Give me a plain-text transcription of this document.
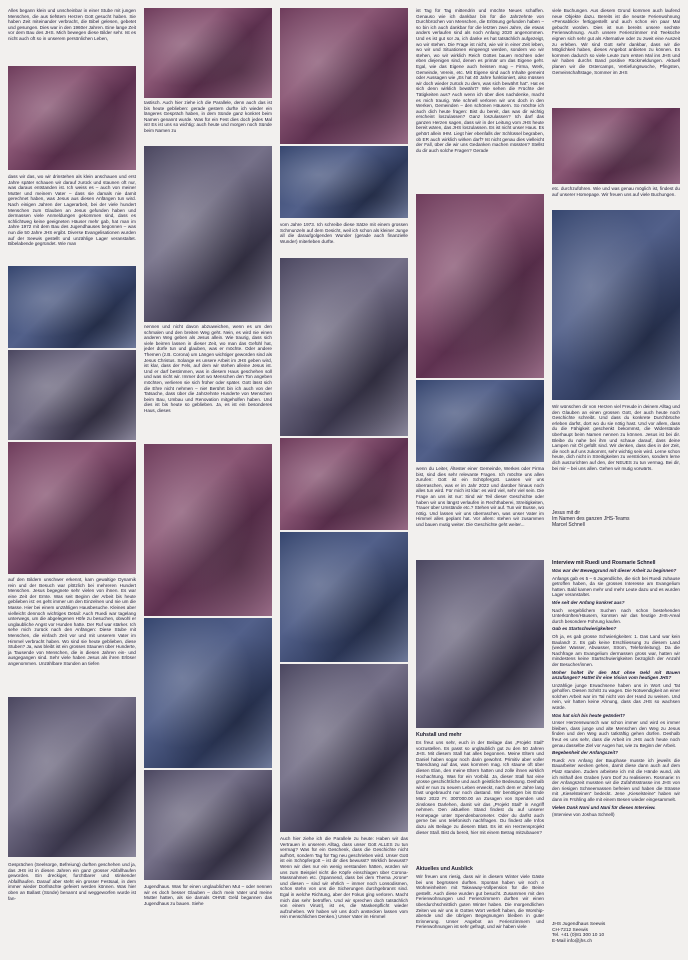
Alles begann klein und unscheinbar in einer Stube mit jungen Menschen, die aus tiefstem Herzen Gott gesucht haben. Sie haben Zeit miteinander verbracht, die Bibel gelesen, gebetet und gesungen. Dies war in den 1960er Jahren. Eine lange Zeit vor dem Bau des JHS. Mich bewegen diese Bilder sehr. Ist es nicht auch oft so in unserem persönlichen Leben,

dass wir das, wo wir drinstehen als klein anschauen und erst Jahre später schauen wir darauf zurück und staunen oft nur, was daraus entstanden ist. Ich weiss es – auch von meiner Mutter und meinem Vater – dass sie damals nie damit gerechnet haben, was Jesus aus diesen Anfängen tun wird. Nach einigen Jahren der Lagerarbeit, bei der viele hundert Menschen zum Glauben an Jesus gefunden haben und dermassen viele Anmeldungen gekommen sind, dass es schlichtweg keine geeigneten Häuser mehr gab, hat man im Jahre 1972 mit dem Bau des Jugendhauses begonnen – was nun die 50 Jahre JHS ergibt. Diverse Evangelisationen wurden auf der Seewis gestellt und unzählige Lager veranstaltet. Bibelabende gegründet. Wie man

auf den Bildern unschwer erkennt, kam gewaltige Dynamik rein und der Besuch war plötzlich bei mehreren Hundert Menschen. Jesus begegnete sehr vielen von ihnen. Es war eine Zeit der Ernte. Was seit Beginn der Arbeit bis heute geblieben ist: es geht immer um den Einzelnen und nie um die Masse. Hier bei einem unzähligen Hausbesuche. Kleines aber vielleicht dennoch wichtiges Detail: Auch Ruedi war tagelang unterwegs, um die abgelegenen Höfe zu besuchen, obwohl er unglaubliche Angst vor Hunden hatte. Der Ruf war stärker. Ich sehe mich zurück nach den Anfängen: Diese Stube mit Menschen, die einfach Zeit vor und mit unserem Vater im Himmel verbracht haben. Wo sind sie heute geblieben, diese Stuben? Ja, was bleibt ist ein grosses Staunen über Hunderte, ja Tausende von Menschen, die in diesen Jahren ein- und ausgegangen sind. Sehr viele haben Jesus als ihren Erlöser angenommen. Unzählbare Stunden an tiefen

Gesprächen (Seelsorge, Befreiung) durften geschehen und ja, das JHS ist in diesen Jahren ein ganz grosser Abfallhaufen geworden. Ein dreckiger, furchtbarer und stinkender Abfallhaufen. Darauf aber steht ein grosser Festsaal, in dem immer wieder Dorfnächte gefeiert werden können. Was hier oben an Ballast (Sünde) benannt und weggeworfen wurde ist fan-

tastisch. Auch hier ziehe ich die Parallele, denn auch das ist bis heute geblieben: gerade gestern durfte ich wieder ein längeres Gespräch haben, in dem Sünde ganz konkret beim Namen genannt wurde. Was für ein Fest dies doch jedes Mal ist! Es ist uns so wichtig: auch heute und morgen noch Sünde beim Namen zu

nennen und nicht davon abzuweichen, wenn es um den schmalen und den breiten Weg geht. Nein, es wird nie einen anderen Weg geben als Jesus allein. Wie traurig, dass sich viele beirren lassen in dieser Zeit, wo man das Gefühl hat, jeder dürfe tun und glauben, was er möchte. Oder andere Themen (z.B. Corona) um Längen wichtiger geworden sind als Jesus Christus. Solange es unsere Arbeit im JHS geben wird, ist klar, dass der Fels, auf dem wir stehen alleine Jesus ist. Und er darf bestimmen, was in diesem Haus geschehen soll und was nicht wir. Immer dort wo Menschen den Ton angeben möchten, verlieren sie sich früher oder später. Gott lässt sich die Ehre nicht nehmen – nie! Berührt bin ich auch von der Tatsache, dass über die Jahrzehnte Hunderte von Menschen beim Bau, Umbau und Renovation mitgeholfen haben. Und dies ist bis heute so geblieben. Ja, es ist ein besonderes Haus, dieses

Jugendhaus. Was für einen unglaublichen Mut – oder nennen wir es doch besser Glauben – doch mein Vater und meine Mutter hatten, als sie damals OHNE Geld begannen das Jugendhaus zu bauen. Siehe

vom Jahre 1973. Ich schreibe diese Sätze mit einem grossen Schmunzeln auf dem Gesicht, weil ich schon als kleiner Junge all die daraufgolgenden Wunder (gerade auch finanzielle Wunder) miterleben durfte.

Auch hier ziehe ich die Parallele zu heute: Haben wir das Vertrauen in unserem Alltag, dass unser Gott ALLES zu tun vermag? Was für ein Geschenk, dass die Geschichte nicht aufhört, sondern Tag für Tag neu geschrieben wird. Unser Gott ist ein Schöpfergott – ist dir dies bewusst? Wirklich bewusst? Wenn wir dies nur ein wenig verstanden hätten, würden wir uns zum Beispiel nicht die Köpfe einschlagen über Corona-Massnahmen etc. (Spannend, dass bei dem Thema „Krone“ und diesen – sind wir ehrlich – immer noch Lonsodismen, schon stehn von uns die Sicherungen durchgebrannt sind. Egal in welche Richtung, aber der Fokus ging verloren. Macht mich das sehr betroffen. Und wir sprechen doch tatsächlich von einem Virus!), ist es, die Maskenpflicht wieder aufzuheben. Wir haben wir uns doch anstecken lassen vom rein menschlichen Denken.) Unser Vater im Himmel

ist Tag für Tag mittendrin und möchte Neues schaffen. Genauso wie ich dankbar bin für die Jahrzehnte von Durchbrüchen von Menschen, die Erlösung gefunden haben – so bin ich auch dankbar für die letzten zwei Jahre, die etwas anders verlaufen sind als noch Anfang 2020 angenommen. Und es ist gut so! Ja, ich danke es hat tatsächlich aufgezeigt, wo wir stehen. Die Frage ist nicht, wie wir in einer Zeit leben, wo wir und Situationen eingeengt werden, sondern wo wir stehen, wo wir wirklich Reich Gottes bauen möchten oder eben diejenigen sind, denen es primär um das Eigene geht. Egal, wie das Eigene auch heissen mag – Firma, Werk, Gemeinde, Verein, etc. Mit Eigene sind auch Inhalte gemeint oder Aussagen wie „Es hat 40 Jahre funktioniert, also müssen wir doch wieder zurück zu dem, was sich bewährt hat“. Hat es sich denn wirklich bewährt? Wie sehen die Früchte der Tätigkeiten aus? Auch wenn ich über dies nachdenke, macht es mich traurig. Wie schnell verloren wir uns doch in den Werken, Gemeinden – den schönen Häusern. So möchte ich auch dich heute fragen: Bist du bereit, das was dir wichtig erscheint loszulassen? Ganz loszulassen? Ich darf das ganzen Herzen sagen, dass wir in der Leitung vom JHS heute bereit wären, das JHS loszulassen. Es ist nicht unser Haus. Es gehört allein IHM. Liegt hier ebenfalls der Schlüssel begraben, ob ER auch wirklich wirken darf? Ist nicht genau dies vielleicht der Fall, über die wir uns Gedanken machen müssten? Stellst du dir auch solche Fragen? Gerade

wenn du Leiter, Ältester einer Gemeinde, Werkes oder Firma bist, sind dies sehr relevante Fragen. Ich möchte uns allen zurufen: Gott ist ein Schöpfergott. Lassen wir uns überraschen, was er im Jahr 2022 und darüber hinaus noch alles tun wird. Für mich ist klar: es wird viel, sehr viel sein. Die Frage an uns ist nur: Sind wir Teil dieser Geschichte oder haben wir uns längst verlaufen in Rechthaberei, Streitigkeiten, Trauer über Umstände etc.? Stehen wir auf. Tun wir Busse, wo nötig. Und lassen wir uns überraschen, was unser Vater im Himmel alles geplant hat. Vor allem: stehen wir zusammen und bauen mutig weiter. Die Geschichte geht weiter...

Kuhstall und mehr

Es freut uns sehr, euch in der Beilage das „Projekt Stall“ vorzustellen. Es passt so ungläublich gut zu den 50 Jahren JHS. Mit diesem Stall hat alles begonnen. Meine Eltern und Daniel haben sogar noch darin gewohnt. Primitiv aber voller Tatendrang auf das, was kommen mag. Ich staune oft über diesen Elan, den meine Eltern hatten und zolle ihnen wirklich Hochachtung. Was für ein Vorbild. Ja, dieser Stall hat eine grosse geschichtliche und auch geistliche Bedeutung. Deshalb wird er nun zu neuem Leben erweckt, nach dem er Jahre lang fast ungebraucht nur noch dastand. Wir benötigen bis Ende März 2022 Fr. 300'000.00 an Zusagen von Spenden und zinslosen Darlehen, damit wir das „Projekt Stall“ in Angriff nehmen. Den aktuellen Stand findest du auf unserer Homepage unter Spendenbarometer. Oder du darfst auch gerne bei uns telefonisch nachfragen. Du findest alle Infos dazu als Beilage zu diesem Blatt. Es ist ein Herzensprojekt dieser Stall. Bist du bereit, hier mit einem Betrag mitzubauen?

Aktuelles und Ausblick

Wir freuen uns riesig, dass wir in diesem Winter viele Gäste bei uns begrüssen durften. Spontan haben wir noch 4 Wohneinheiten mit Takeaway-Vollpension für die Beine gestellt. Auch diese wurden gut besucht. Zusammen mit den Ferienwohnungen und Ferienzimmern durften wir einen überdurchschnittlich guten Winter haben. Die morgendlichen Zeiten wo wir uns in Gottes Wort vertieft haben, die Worship-abende und die übrigen Begegnungen bleiben in guter Erinnerung. Unser Angebot an Ferienzimmern und Ferienwohnungen ist sehr gefragt, und wir haben viele

viele Buchungen. Aus diesem Grund kommen auch laufend neue Objekte dazu. Bereits ist die neuste Ferienwohnung «Pensablick» fertiggestellt und auch schon ein paar Mal gebucht worden. Dies ist nun bereits unsere sechste Ferienwohnung. Auch unsere Ferienzimmer mit Teeküche eignen sich sehr gut als Alternative oder zu zweit eine Auszeit zu erleben. Wir sind Gott sehr dankbar, dass wir die Möglichkeit haben, dieses Angebot anbieten zu können. Es kommen dadurch so viele Leute zum ersten Mal ins JHS und wir haben durchs Band positive Rückmeldungen. Aktuell planen wir die Ostercamps, Vertiefungswoche, Pfingsten, Gemeinschaftstage, Sommer im JHS

etc. durchzuführen. Wie und was genau möglich ist, findest du auf unserer Homepage. Wir freuen uns auf viele Buchungen.

Wir wünschen dir von Herzen viel Freude in deinem Alltag und den Glauben an einen grossen Gott, der auch heute noch Geschichte schreibt. Und dass du konkrete Durchbrüche erleben darfst, dort wo du sie nötig hast. Und vor allem, dass du die Fähigkeit geschenkt bekommst, die Widerstände überhaupt beim Namen nennen zu können. Jesus ist bei dir. Bleibe du nahe bei ihm und schaue darauf, dass deine Lampen mit Öl gefüllt sind. Wir denken, dass dies in der Zeit, die noch auf uns zukommt, sehr wichtig sein wird. Lerne schon heute, dich nicht in Streitigkeiten zu verstricken, sondern lerne dich auszurichten auf den, der NEUES zu tun vermag. Bei dir, bei mir – bei uns allen. Gehen wir mutig vorwärts.

Jesus mit dir
Im Namen des ganzen JHS-Teams
Marcel Schnell
Interview mit Ruedi und Rosmarie Schnell

Was war der Beweggrund mit dieser Arbeit zu beginnen?

Anfangs gab es 5 – 6 Jugendliche, die sich bei Ruedi zuhause getroffen haben, da sie grosses Interesse am Evangelium hatten. Bald kamen mehr und mehr Leute dazu und es wurden Lager veranstaltet.

Wie seit der Anfang konkret aus?

Nach vergeblichem Suchen nach schon bestehenden Unterkünften/Häusern, konnten wir das heutige JHS-Areal durch besondere Führung kaufen.

Gab es Startschwierigkeiten?

Oh ja, es gab grosse Schwierigkeiten: 1. Das Land war kein Bauland! 2. Es gab keine Erschliessung zu diesem Land (weder Wasser, Abwasser, Strom, Telefonleitung). Da die Nachfrage am Evangelium dermassen gross war, hatten wir mindestens keine Startschwierigkeiten bezüglich der Anzahl der Besucher/innen.

Woher holtet ihr den Mut ohne Geld mit Bauen anzufangen? Hattet ihr eine Vision vom heutigen JHS?

Unzählige junge Erwachsene haben uns in Wort und Tat geholfen. Diesen Schritt zu wagen. Die Notwendigkeit an einer solchen Arbeit war im Tal nicht von der Hand zu weisen. Und nein, wir hatten keine Ahnung, dass das JHS so wachsen würde.

Was hat sich bis heute geändert?

Unser Herzenswunsch war schon immer und wird es immer bleiben, dass junge und alte Menschen den Weg zu Jesus finden und den Weg auch tatkräftig gehen dürfen. Deshalb freut es uns sehr, dass die Arbeit im JHS auch heute noch genau dasselbe Ziel vor Augen hat, wie zu Beginn der Arbeit.

Begebenheit der Anfangszeit?

Ruedi: Am Anfang der Bauphase musste ich jeweils die Bauarbeiter wecken gehen, damit diese dann auch auf dem Platz standen. Zudem arbeitete ich mit die Hände wund, als ich mithalf den Graben (vom Dorf zu realisieren. Rosmarie: In der Anfangszeit mussten wir die Zufahrtsstrasse ins JHS von den riesigen Schneemassen befreien und haben die Strasse mit „Kieselsteinen“ bedeckt. Jene „Kieselsteine“ haben wir dann im Frühling alle mit einem Besen wieder eingesammelt.

Vielen Dank Noni und Nani für dieses Interview.

(Interview von Joshua Schnell)

JHS Jugendhaus Seewis
CH-7212 Seewis
Tel. +41 (0)81 300 10 10
E-Mail info@jhs.ch
